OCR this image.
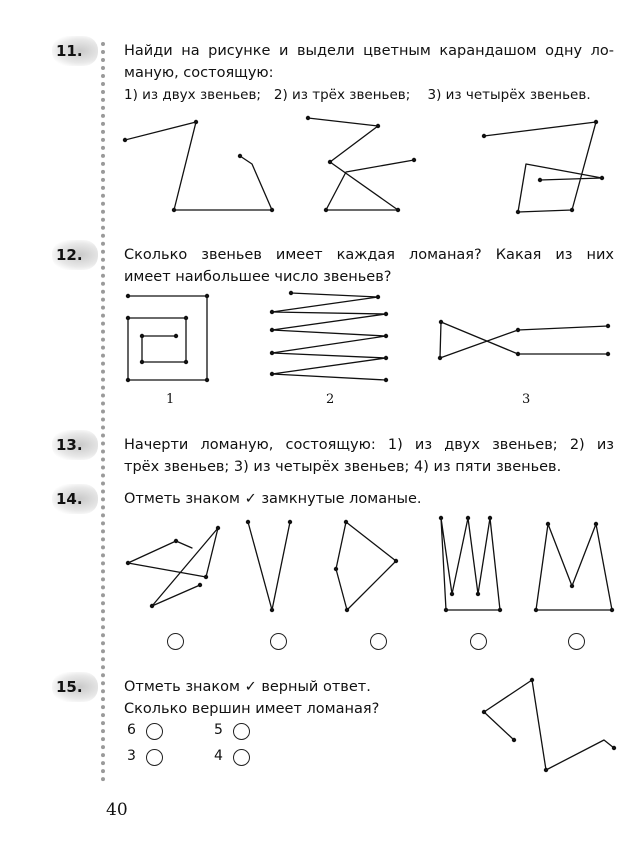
11.	Найди на рисунке и выдели цветным карандашом одну ло-
маную, состоящую:
1) из двух звеньев; 2) из трёх звеньев; 3) из четырёх звеньев.
12.	Сколько звеньев имеет каждая ломаная? Какая из них
имеет наибольшее число звеньев?
1	2	3
13.	Начерти ломаную, состоящую: 1) из двух звеньев; 2) из
трёх звеньев; 3) из четырёх звеньев; 4) из пяти звеньев.
14.	Отметь знаком ✓ замкнутые ломаные.
15.	Отметь знаком ✓ верный ответ.
Сколько вершин имеет ломаная?
6	5
3	4
40
